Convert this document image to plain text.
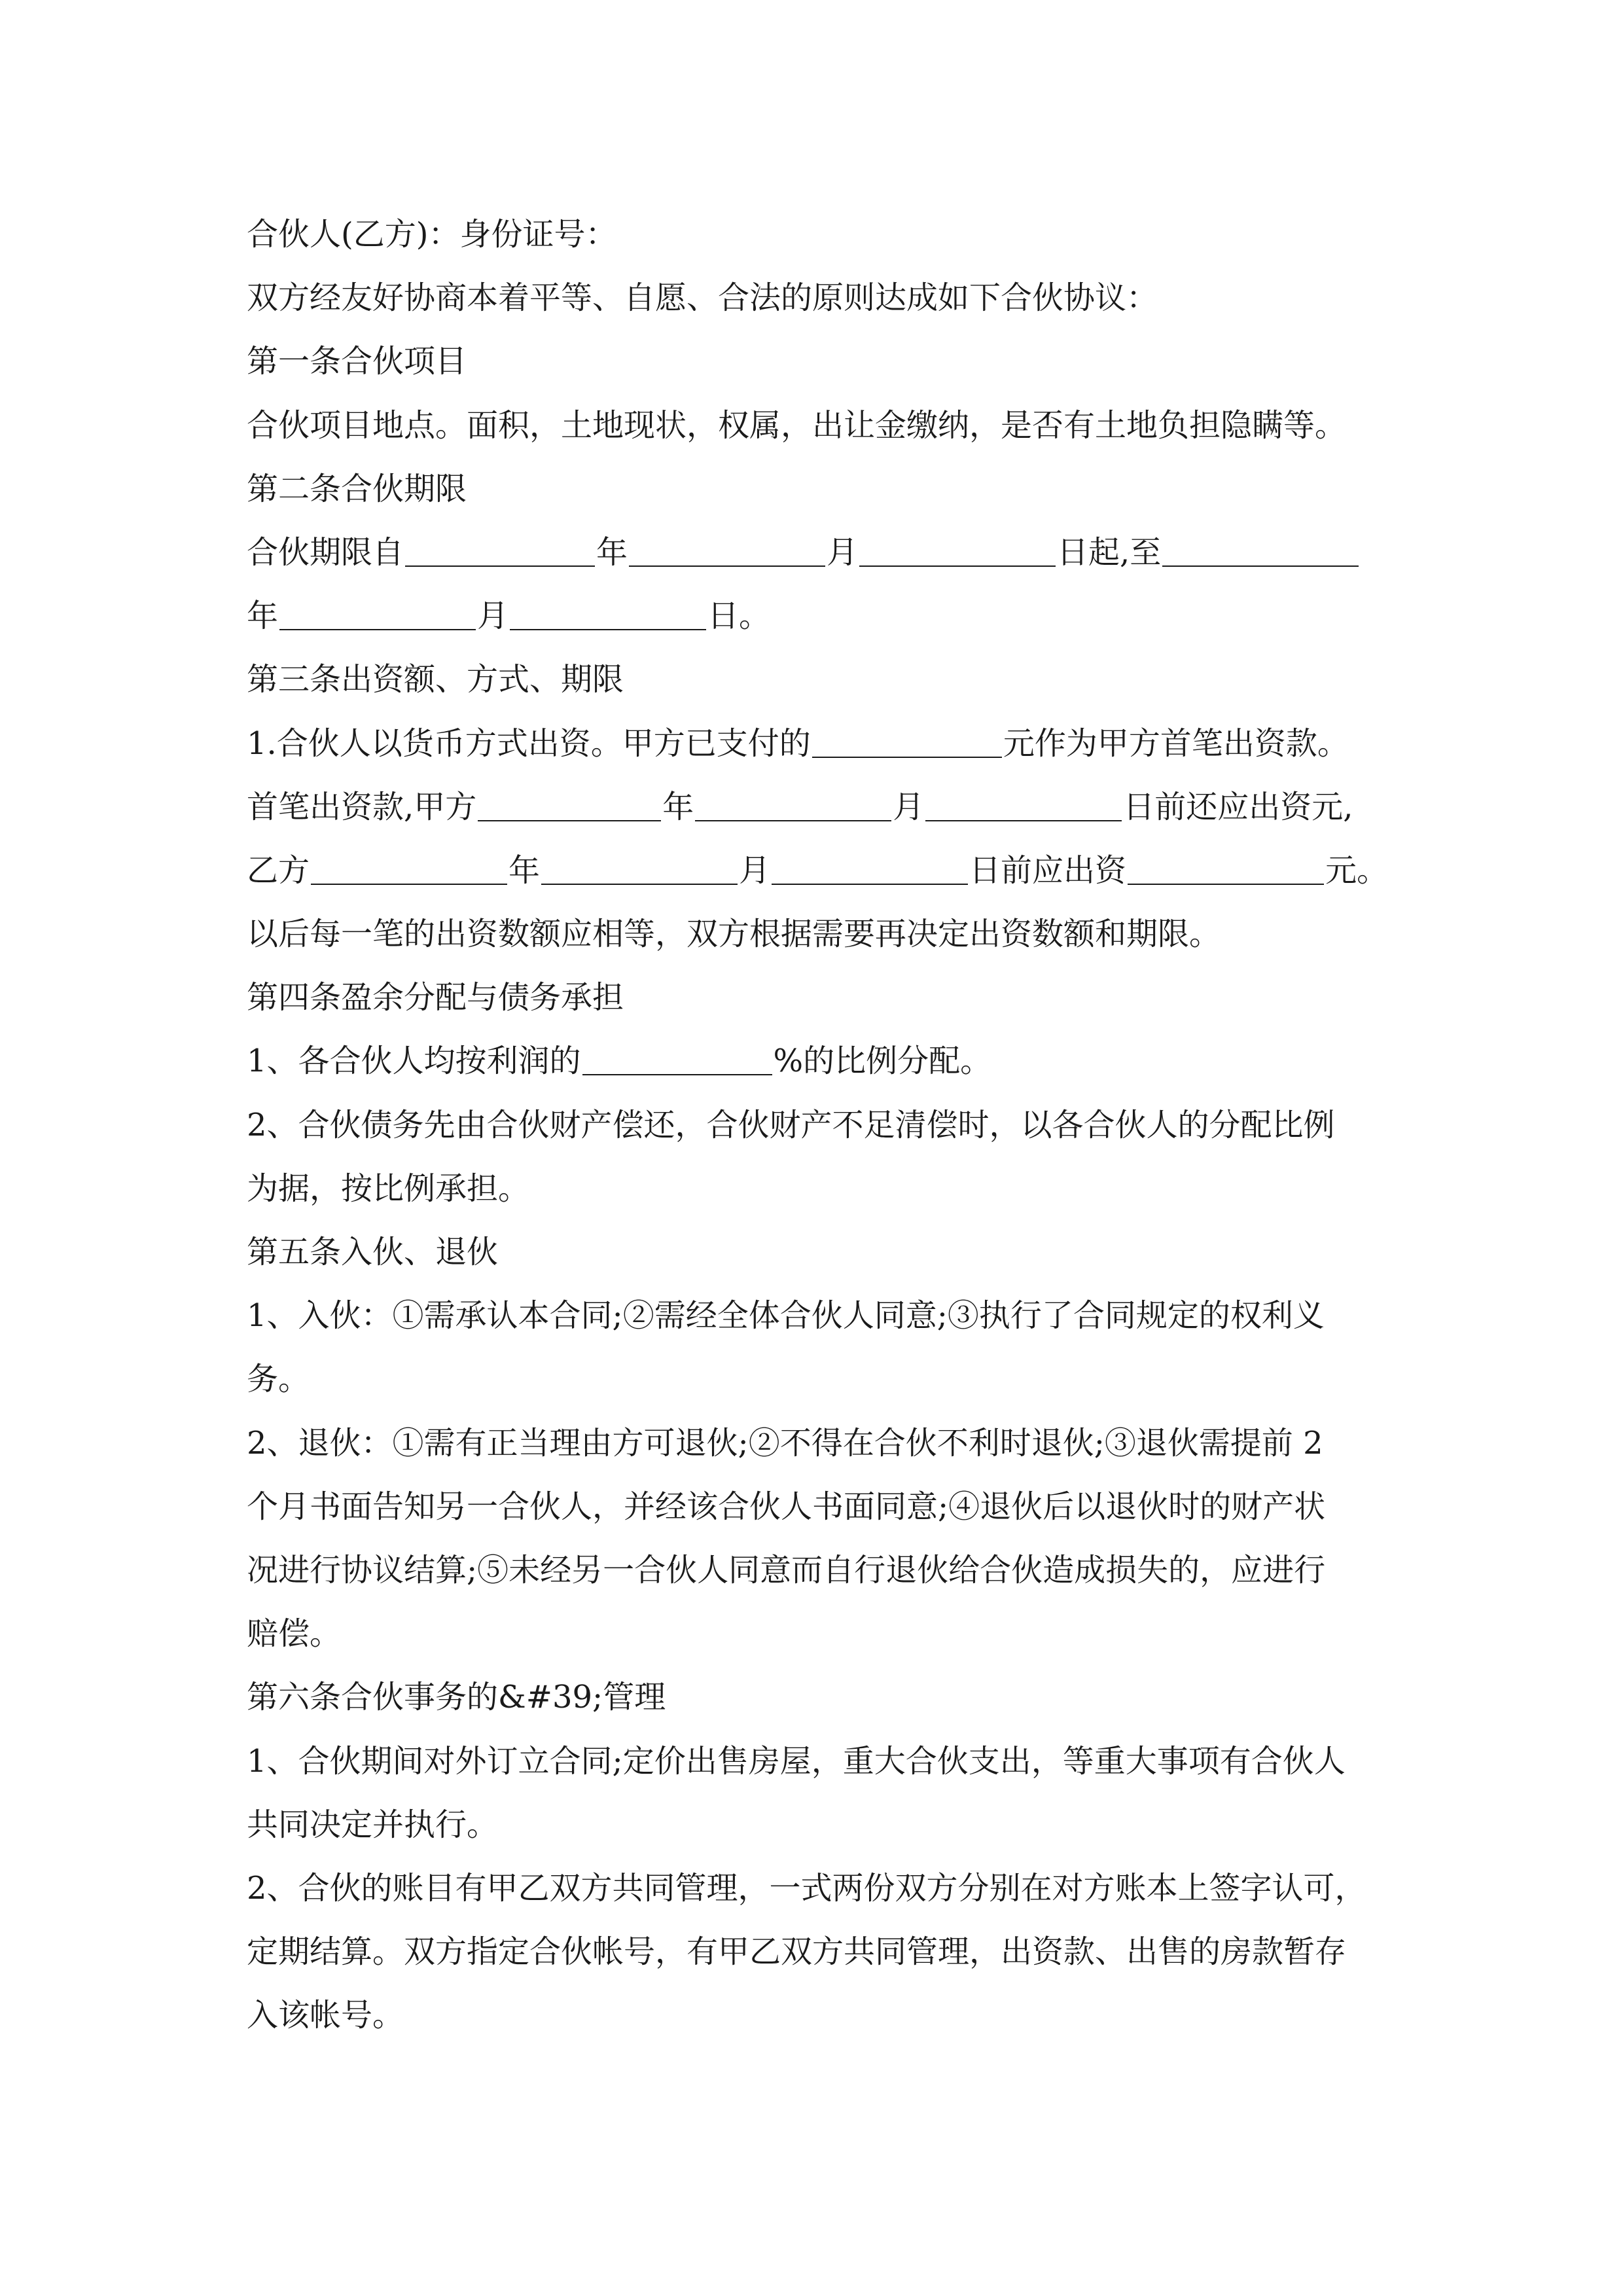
合伙人(乙方)：身份证号：
双方经友好协商本着平等、自愿、合法的原则达成如下合伙协议：
第一条合伙项目
合伙项目地点。面积，土地现状，权属，出让金缴纳，是否有土地负担隐瞒等。
第二条合伙期限
合伙期限自	年	月	日起,至
年	月	日。
第三条出资额、方式、期限
1.合伙人以货币方式出资。甲方已支付的	元作为甲方首笔出资款。
首笔出资款,甲方	年	月	日前还应出资元,
乙方	年	月	日前应出资	元。
以后每一笔的出资数额应相等，双方根据需要再决定出资数额和期限。
第四条盈余分配与债务承担
1、各合伙人均按利润的	%的比例分配。
2、合伙债务先由合伙财产偿还，合伙财产不足清偿时，以各合伙人的分配比例
为据，按比例承担。
第五条入伙、退伙
1、入伙：①需承认本合同;②需经全体合伙人同意;③执行了合同规定的权利义
务。
2、退伙：①需有正当理由方可退伙;②不得在合伙不利时退伙;③退伙需提前 2
个月书面告知另一合伙人，并经该合伙人书面同意;④退伙后以退伙时的财产状
况进行协议结算;⑤未经另一合伙人同意而自行退伙给合伙造成损失的，应进行
赔偿。
第六条合伙事务的&#39;管理
1、合伙期间对外订立合同;定价出售房屋，重大合伙支出，等重大事项有合伙人
共同决定并执行。
2、合伙的账目有甲乙双方共同管理，一式两份双方分别在对方账本上签字认可，
定期结算。双方指定合伙帐号，有甲乙双方共同管理，出资款、出售的房款暂存
入该帐号。
